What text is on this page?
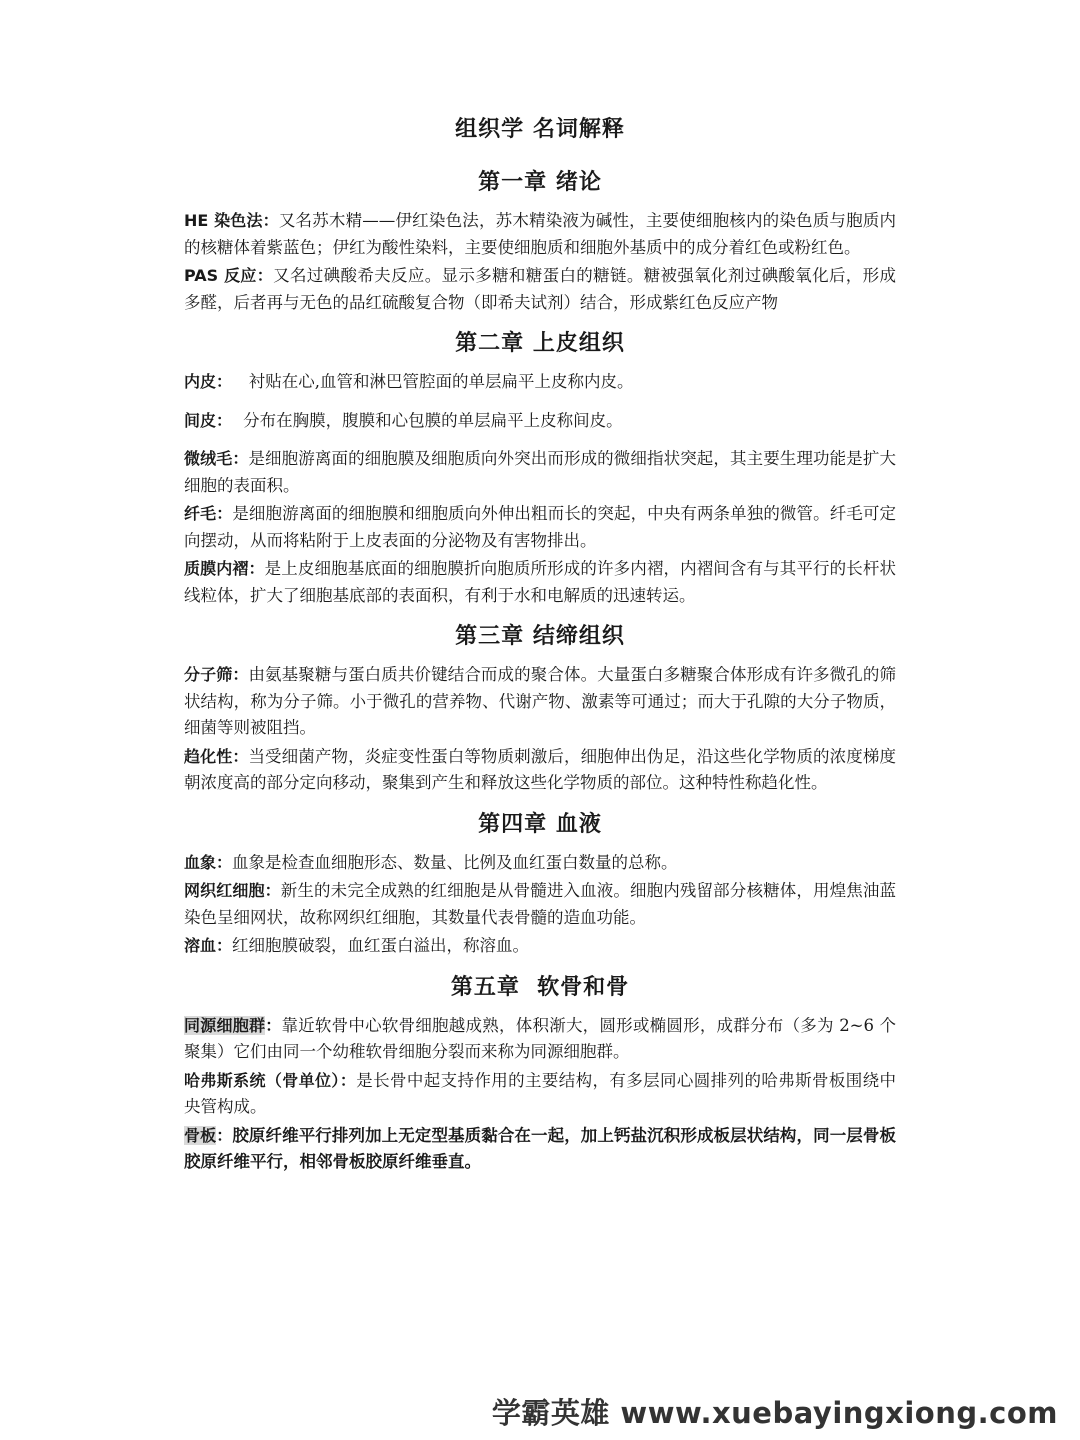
组织学 名词解释
第一章 绪论

HE 染色法：又名苏木精——伊红染色法，苏木精染液为碱性，主要使细胞核内的染色质与胞质内的核糖体着紫蓝色；伊红为酸性染料，主要使细胞质和细胞外基质中的成分着红色或粉红色。

PAS 反应：又名过碘酸希夫反应。显示多糖和糖蛋白的糖链。糖被强氧化剂过碘酸氧化后，形成多醛，后者再与无色的品红硫酸复合物（即希夫试剂）结合，形成紫红色反应产物

第二章 上皮组织

内皮：   衬贴在心,血管和淋巴管腔面的单层扁平上皮称内皮。

间皮：  分布在胸膜，腹膜和心包膜的单层扁平上皮称间皮。

微绒毛：是细胞游离面的细胞膜及细胞质向外突出而形成的微细指状突起，其主要生理功能是扩大细胞的表面积。

纤毛：是细胞游离面的细胞膜和细胞质向外伸出粗而长的突起，中央有两条单独的微管。纤毛可定向摆动，从而将粘附于上皮表面的分泌物及有害物排出。

质膜内褶：是上皮细胞基底面的细胞膜折向胞质所形成的许多内褶，内褶间含有与其平行的长杆状线粒体，扩大了细胞基底部的表面积，有利于水和电解质的迅速转运。

第三章 结缔组织

分子筛：由氨基聚糖与蛋白质共价键结合而成的聚合体。大量蛋白多糖聚合体形成有许多微孔的筛状结构，称为分子筛。小于微孔的营养物、代谢产物、激素等可通过；而大于孔隙的大分子物质，细菌等则被阻挡。

趋化性：当受细菌产物，炎症变性蛋白等物质刺激后，细胞伸出伪足，沿这些化学物质的浓度梯度朝浓度高的部分定向移动，聚集到产生和释放这些化学物质的部位。这种特性称趋化性。

第四章 血液

血象：血象是检查血细胞形态、数量、比例及血红蛋白数量的总称。

网织红细胞：新生的未完全成熟的红细胞是从骨髓进入血液。细胞内残留部分核糖体，用煌焦油蓝染色呈细网状，故称网织红细胞，其数量代表骨髓的造血功能。

溶血：红细胞膜破裂，血红蛋白溢出，称溶血。

第五章  软骨和骨

同源细胞群：靠近软骨中心软骨细胞越成熟，体积渐大，圆形或椭圆形，成群分布（多为 2~6 个聚集）它们由同一个幼稚软骨细胞分裂而来称为同源细胞群。

哈弗斯系统（骨单位）：是长骨中起支持作用的主要结构，有多层同心圆排列的哈弗斯骨板围绕中央管构成。

骨板：胶原纤维平行排列加上无定型基质黏合在一起，加上钙盐沉积形成板层状结构，同一层骨板胶原纤维平行，相邻骨板胶原纤维垂直。

学霸英雄 www.xuebayingxiong.com
